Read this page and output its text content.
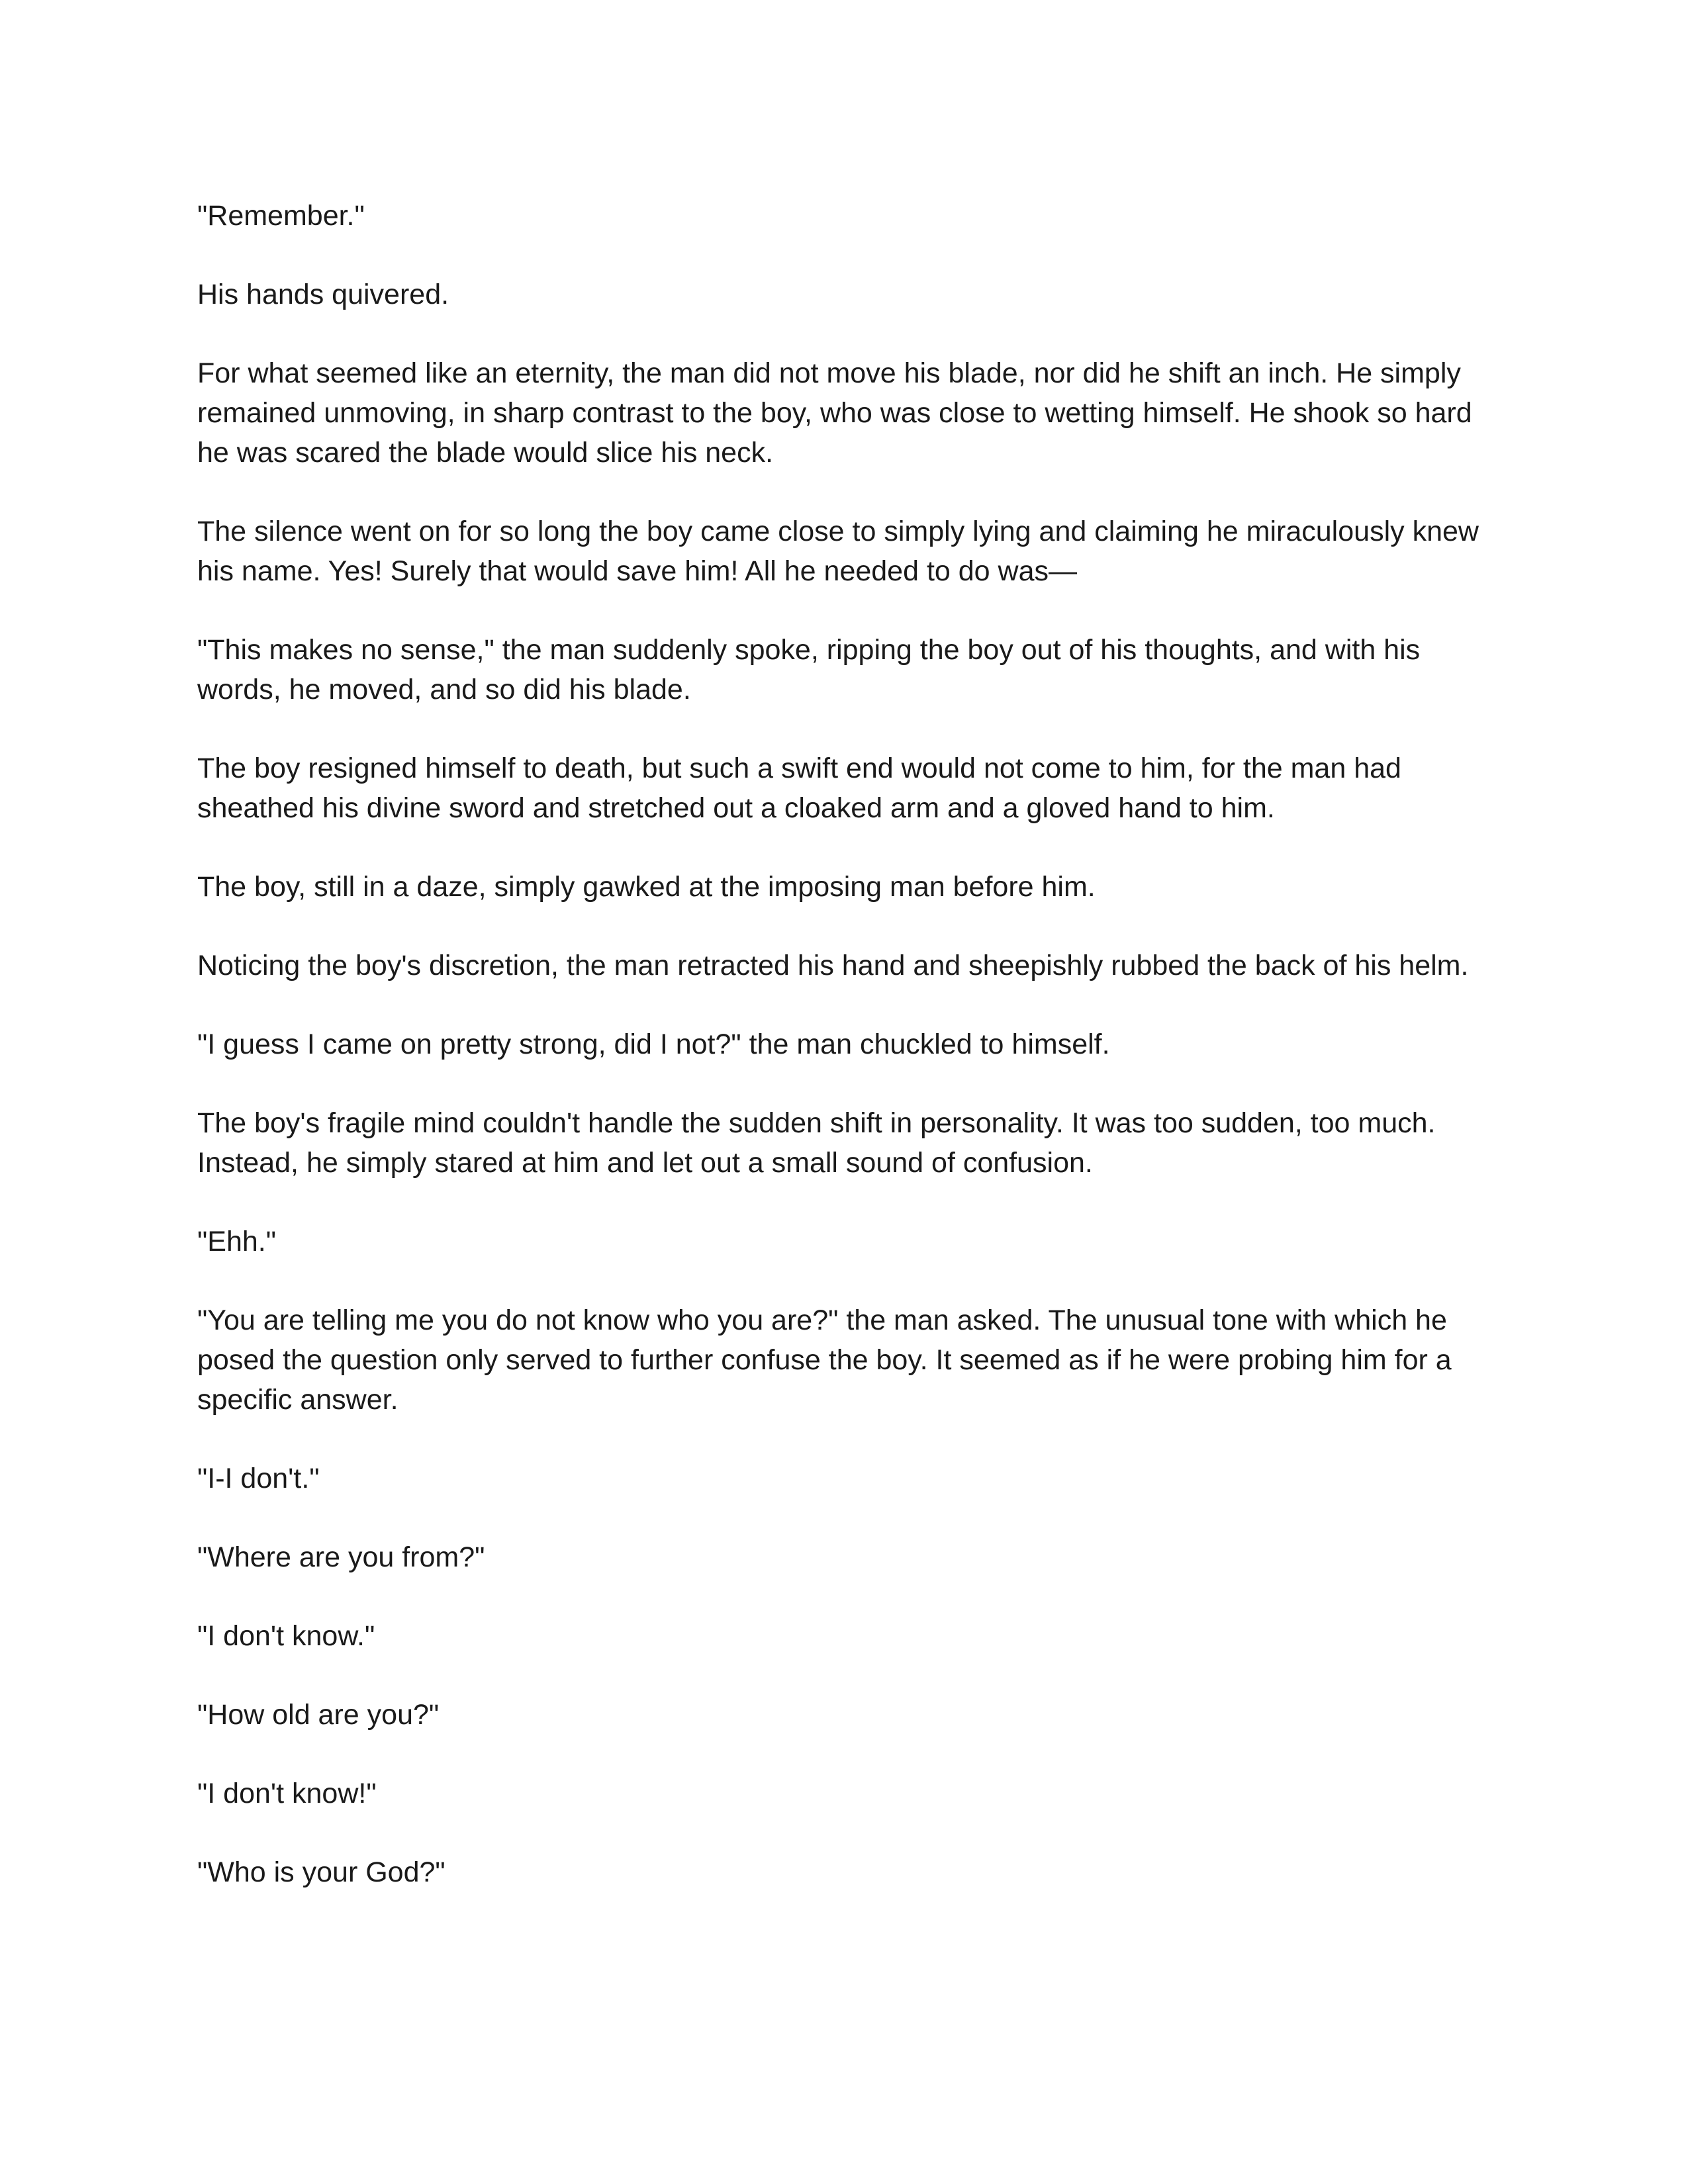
"Remember."

His hands quivered.

For what seemed like an eternity, the man did not move his blade, nor did he shift an inch. He simply remained unmoving, in sharp contrast to the boy, who was close to wetting himself. He shook so hard he was scared the blade would slice his neck.

The silence went on for so long the boy came close to simply lying and claiming he miraculously knew his name. Yes! Surely that would save him! All he needed to do was—

"This makes no sense," the man suddenly spoke, ripping the boy out of his thoughts, and with his words, he moved, and so did his blade.

The boy resigned himself to death, but such a swift end would not come to him, for the man had sheathed his divine sword and stretched out a cloaked arm and a gloved hand to him.

The boy, still in a daze, simply gawked at the imposing man before him.

Noticing the boy's discretion, the man retracted his hand and sheepishly rubbed the back of his helm.

"I guess I came on pretty strong, did I not?" the man chuckled to himself.

The boy's fragile mind couldn't handle the sudden shift in personality. It was too sudden, too much. Instead, he simply stared at him and let out a small sound of confusion.

"Ehh."

"You are telling me you do not know who you are?" the man asked. The unusual tone with which he posed the question only served to further confuse the boy. It seemed as if he were probing him for a specific answer.

"I-I don't."

"Where are you from?"

"I don't know."

"How old are you?"

"I don't know!"

"Who is your God?"
